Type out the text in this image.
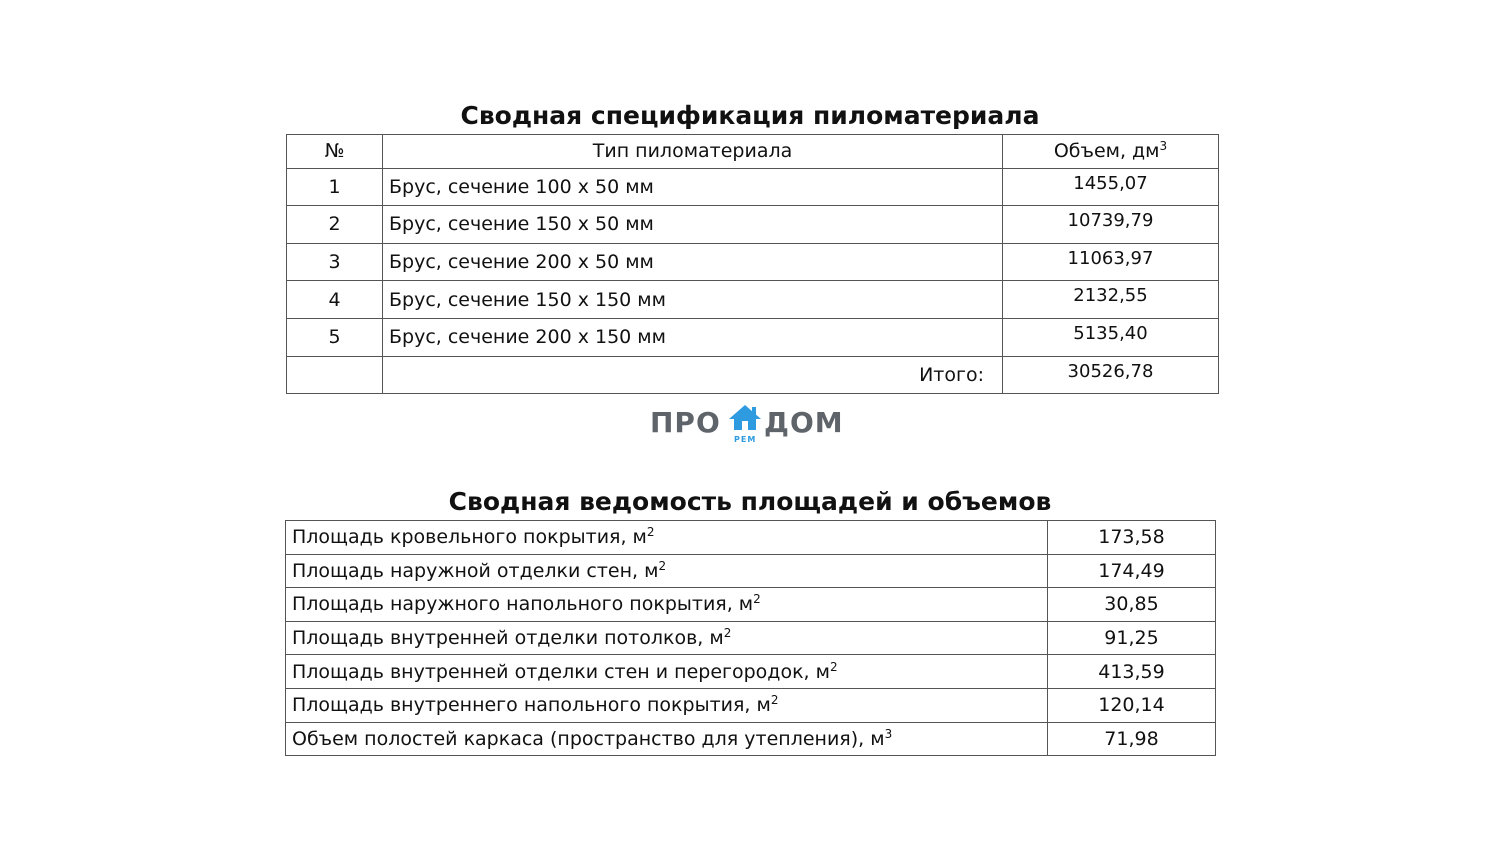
Сводная спецификация пиломатериала
№	Тип пиломатериала	Объем, $дм^3$
1	Брус, сечение 100 х 50 мм	1455,07
2	Брус, сечение 150 х 50 мм	10739,79
3	Брус, сечение 200 х 50 мм	11063,97
4	Брус, сечение 150 х 150 мм	2132,55
5	Брус, сечение 200 х 150 мм	5135,40
	Итого:	30526,78
ПРО
РЕМ
ДОМ
Сводная ведомость площадей и объемов
Площадь кровельного покрытия, $м^2$	173,58
Площадь наружной отделки стен, $м^2$	174,49
Площадь наружного напольного покрытия, $м^2$	30,85
Площадь внутренней отделки потолков, $м^2$	91,25
Площадь внутренней отделки стен и перегородок, $м^2$	413,59
Площадь внутреннего напольного покрытия, $м^2$	120,14
Объем полостей каркаса (пространство для утепления), $м^3$	71,98
